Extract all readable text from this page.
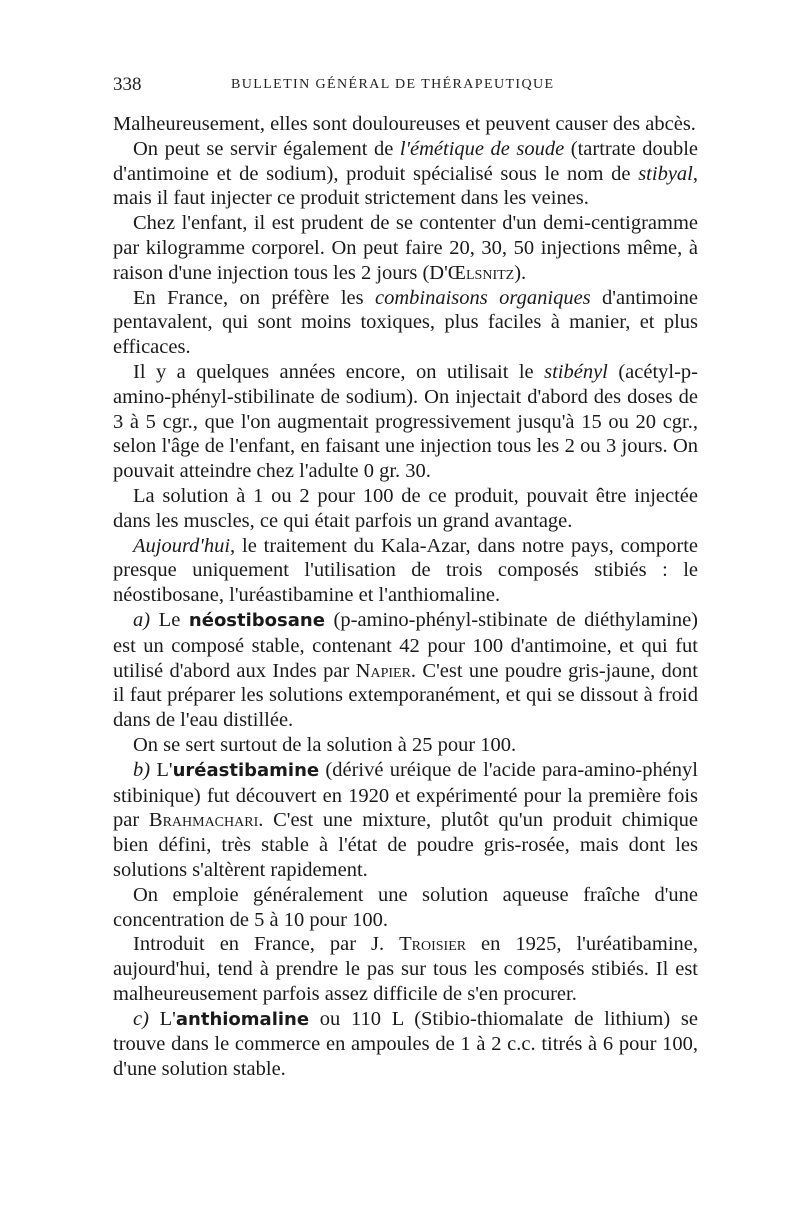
338	BULLETIN GÉNÉRAL DE THÉRAPEUTIQUE

Malheureusement, elles sont douloureuses et peuvent causer des abcès.

On peut se servir également de l'émétique de soude (tartrate double d'antimoine et de sodium), produit spécialisé sous le nom de stibyal, mais il faut injecter ce produit strictement dans les veines.

Chez l'enfant, il est prudent de se contenter d'un demi-centigramme par kilogramme corporel. On peut faire 20, 30, 50 injections même, à raison d'une injection tous les 2 jours (D'Œlsnitz).

En France, on préfère les combinaisons organiques d'antimoine pentavalent, qui sont moins toxiques, plus faciles à manier, et plus efficaces.

Il y a quelques années encore, on utilisait le stibényl (acétyl-p-amino-phényl-stibilinate de sodium). On injectait d'abord des doses de 3 à 5 cgr., que l'on augmentait progressivement jusqu'à 15 ou 20 cgr., selon l'âge de l'enfant, en faisant une injection tous les 2 ou 3 jours. On pouvait atteindre chez l'adulte 0 gr. 30.

La solution à 1 ou 2 pour 100 de ce produit, pouvait être injectée dans les muscles, ce qui était parfois un grand avantage.

Aujourd'hui, le traitement du Kala-Azar, dans notre pays, comporte presque uniquement l'utilisation de trois composés stibiés : le néostibosane, l'uréastibamine et l'anthiomaline.

a) Le néostibosane (p-amino-phényl-stibinate de diéthylamine) est un composé stable, contenant 42 pour 100 d'antimoine, et qui fut utilisé d'abord aux Indes par Napier. C'est une poudre gris-jaune, dont il faut préparer les solutions extemporanément, et qui se dissout à froid dans de l'eau distillée.

On se sert surtout de la solution à 25 pour 100.

b) L'uréastibamine (dérivé uréique de l'acide para-amino-phényl stibinique) fut découvert en 1920 et expérimenté pour la première fois par Brahmachari. C'est une mixture, plutôt qu'un produit chimique bien défini, très stable à l'état de poudre gris-rosée, mais dont les solutions s'altèrent rapidement.

On emploie généralement une solution aqueuse fraîche d'une concentration de 5 à 10 pour 100.

Introduit en France, par J. Troisier en 1925, l'uréatibamine, aujourd'hui, tend à prendre le pas sur tous les composés stibiés. Il est malheureusement parfois assez difficile de s'en procurer.

c) L'anthiomaline ou 110 L (Stibio-thiomalate de lithium) se trouve dans le commerce en ampoules de 1 à 2 c.c. titrés à 6 pour 100, d'une solution stable.
